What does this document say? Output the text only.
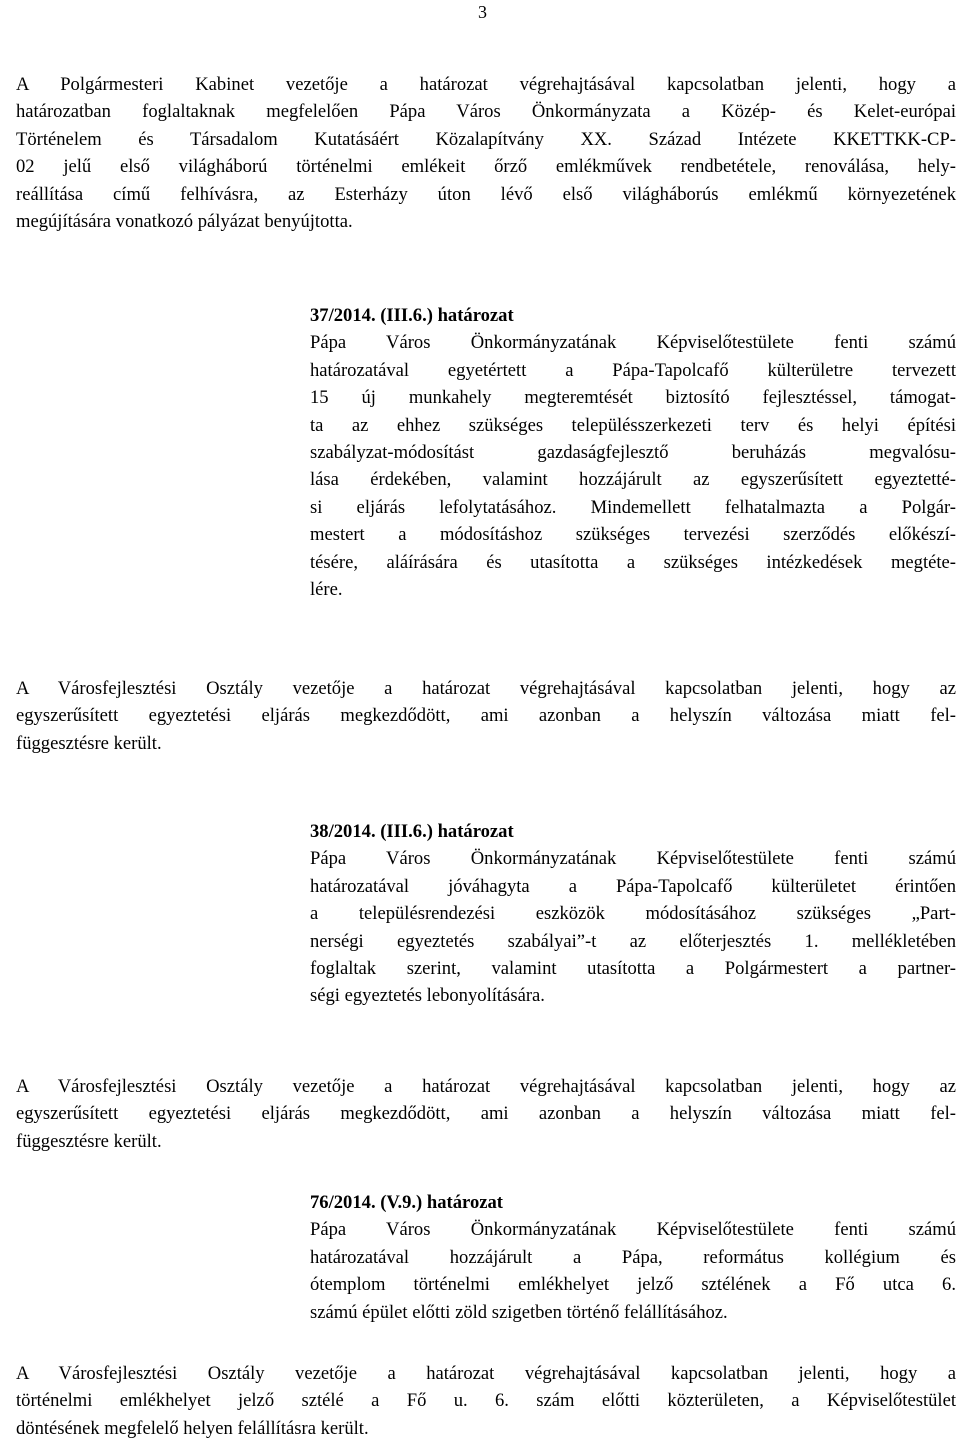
3
A Polgármesteri Kabinet vezetője a határozat végrehajtásával kapcsolatban jelenti, hogy a
határozatban foglaltaknak megfelelően Pápa Város Önkormányzata a Közép- és Kelet-európai
Történelem és Társadalom Kutatásáért Közalapítvány XX. Század Intézete KKETTKK-CP-
02 jelű első világháború történelmi emlékeit őrző emlékművek rendbetétele, renoválása, hely-
reállítása című felhívásra, az Esterházy úton lévő első világháborús emlékmű környezetének
megújítására vonatkozó pályázat benyújtotta.
37/2014. (III.6.) határozat
Pápa Város Önkormányzatának Képviselőtestülete fenti számú
határozatával egyetértett a Pápa-Tapolcafő külterületre tervezett
15 új munkahely megteremtését biztosító fejlesztéssel, támogat-
ta az ehhez szükséges településszerkezeti terv és helyi építési
szabályzat-módosítást gazdaságfejlesztő beruházás megvalósu-
lása érdekében, valamint hozzájárult az egyszerűsített egyeztetté-
si eljárás lefolytatásához. Mindemellett felhatalmazta a Polgár-
mestert a módosításhoz szükséges tervezési szerződés előkészí-
tésére, aláírására és utasította a szükséges intézkedések megtéte-
lére.
A Városfejlesztési Osztály vezetője a határozat végrehajtásával kapcsolatban jelenti, hogy az
egyszerűsített egyeztetési eljárás megkezdődött, ami azonban a helyszín változása miatt fel-
függesztésre került.
38/2014. (III.6.) határozat
Pápa Város Önkormányzatának Képviselőtestülete fenti számú
határozatával jóváhagyta a Pápa-Tapolcafő külterületet érintően
a településrendezési eszközök módosításához szükséges „Part-
nerségi egyeztetés szabályai”-t az előterjesztés 1. mellékletében
foglaltak szerint, valamint utasította a Polgármestert a partner-
ségi egyeztetés lebonyolítására.
A Városfejlesztési Osztály vezetője a határozat végrehajtásával kapcsolatban jelenti, hogy az
egyszerűsített egyeztetési eljárás megkezdődött, ami azonban a helyszín változása miatt fel-
függesztésre került.
76/2014. (V.9.) határozat
Pápa Város Önkormányzatának Képviselőtestülete fenti számú
határozatával hozzájárult a Pápa, református kollégium és
ótemplom történelmi emlékhelyet jelző sztélének a Fő utca 6.
számú épület előtti zöld szigetben történő felállításához.
A Városfejlesztési Osztály vezetője a határozat végrehajtásával kapcsolatban jelenti, hogy a
történelmi emlékhelyet jelző sztélé a Fő u. 6. szám előtti közterületen, a Képviselőtestület
döntésének megfelelő helyen felállításra került.
